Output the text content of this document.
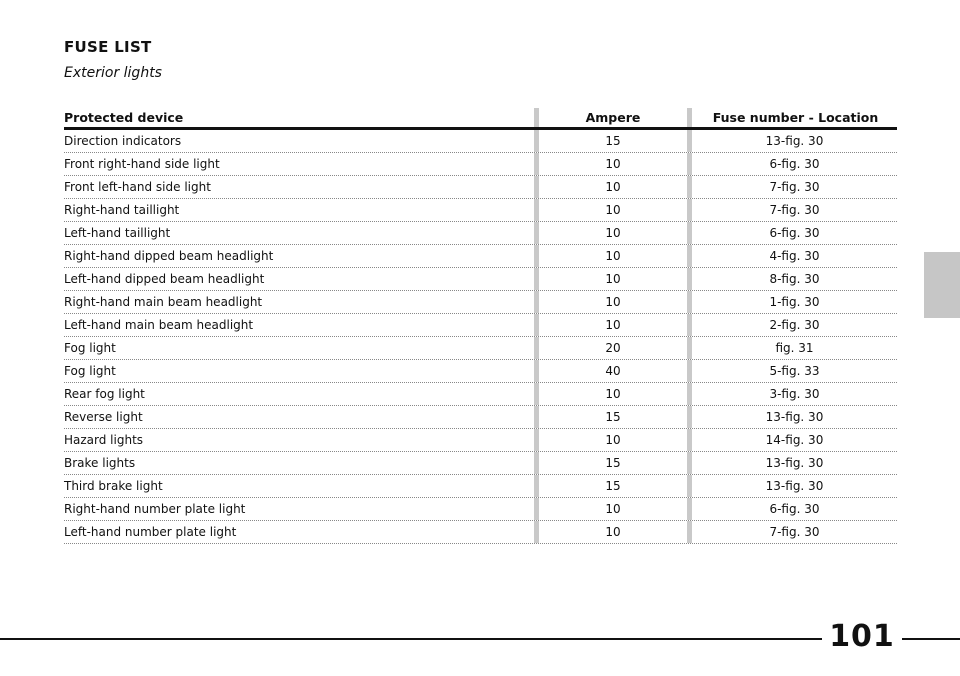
FUSE LIST
Exterior lights
Protected device	Ampere	Fuse number - Location
Direction indicators	15	13-fig. 30
Front right-hand side light	10	6-fig. 30
Front left-hand side light	10	7-fig. 30
Right-hand taillight	10	7-fig. 30
Left-hand taillight	10	6-fig. 30
Right-hand dipped beam headlight	10	4-fig. 30
Left-hand dipped beam headlight	10	8-fig. 30
Right-hand main beam headlight	10	1-fig. 30
Left-hand main beam headlight	10	2-fig. 30
Fog light	20	fig. 31
Fog light	40	5-fig. 33
Rear fog light	10	3-fig. 30
Reverse light	15	13-fig. 30
Hazard lights	10	14-fig. 30
Brake lights	15	13-fig. 30
Third brake light	15	13-fig. 30
Right-hand number plate light	10	6-fig. 30
Left-hand number plate light	10	7-fig. 30
101
